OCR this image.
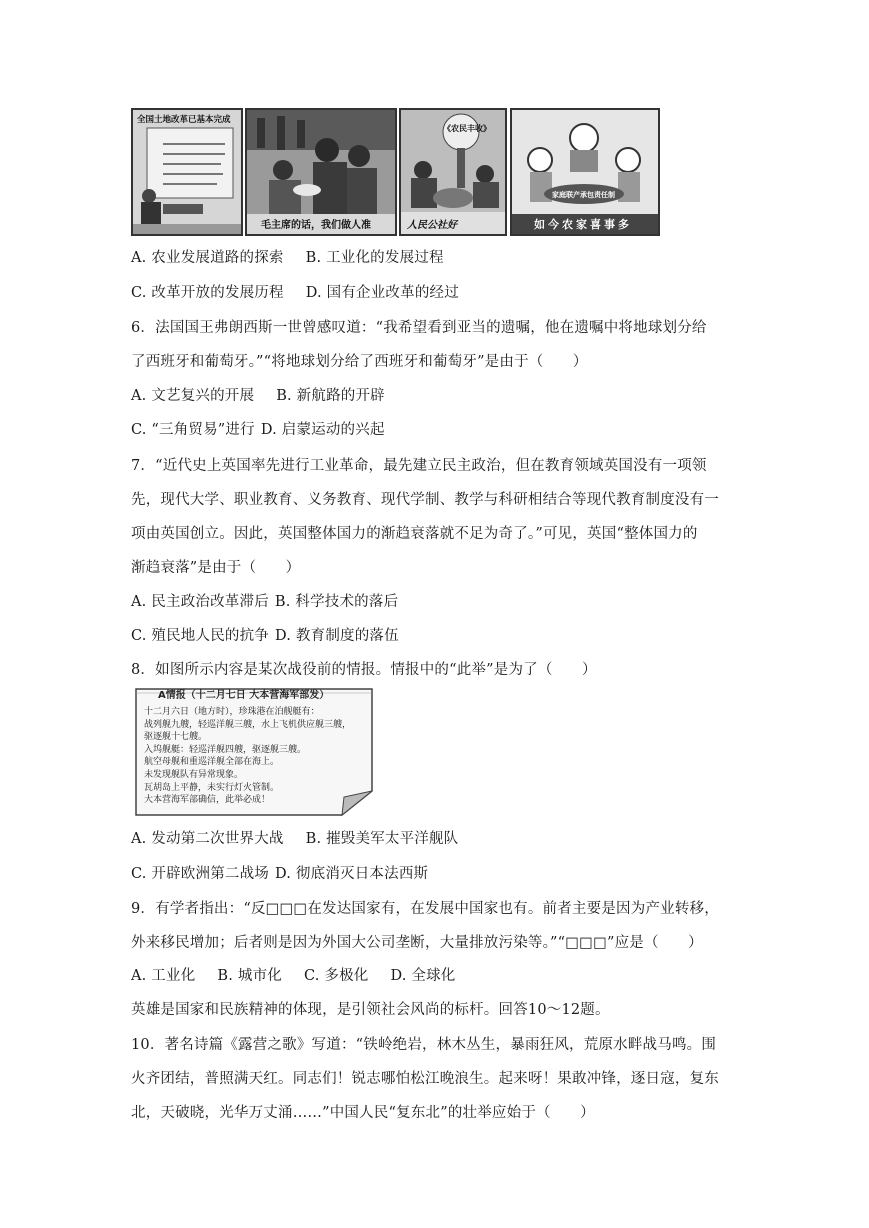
全国土地改革已基本完成
毛主席的话，我们做人准
《农民丰收》
人民公社好
家庭联产承包责任制
如今农家喜事多
A. 农业发展道路的探索 B. 工业化的发展过程
C. 改革开放的发展历程 D. 国有企业改革的经过
6．法国国王弗朗西斯一世曾感叹道：“我希望看到亚当的遗嘱，他在遗嘱中将地球划分给
了西班牙和葡萄牙。”“将地球划分给了西班牙和葡萄牙”是由于（　　）
A. 文艺复兴的开展 B. 新航路的开辟
C. “三角贸易”进行 D. 启蒙运动的兴起
7．“近代史上英国率先进行工业革命，最先建立民主政治，但在教育领域英国没有一项领
先，现代大学、职业教育、义务教育、现代学制、教学与科研相结合等现代教育制度没有一
项由英国创立。因此，英国整体国力的渐趋衰落就不足为奇了。”可见，英国“整体国力的
渐趋衰落”是由于（　　）
A. 民主政治改革滞后 B. 科学技术的落后
C. 殖民地人民的抗争 D. 教育制度的落伍
8．如图所示内容是某次战役前的情报。情报中的“此举”是为了（　　）
A情报（十二月七日 大本营海军部发）
十二月六日（地方时），珍珠港在泊舰艇有：
战列舰九艘，轻巡洋舰三艘，水上飞机供应舰三艘，
驱逐舰十七艘。
入坞舰艇：轻巡洋舰四艘，驱逐舰三艘。
航空母舰和重巡洋舰全部在海上。
未发现舰队有异常现象。
瓦胡岛上平静，未实行灯火管制。
大本营海军部确信，此举必成！
A. 发动第二次世界大战 B. 摧毁美军太平洋舰队
C. 开辟欧洲第二战场 D. 彻底消灭日本法西斯
9．有学者指出：“反□□□在发达国家有，在发展中国家也有。前者主要是因为产业转移，
外来移民增加；后者则是因为外国大公司垄断，大量排放污染等。”“□□□”应是（　　）
A. 工业化 B. 城市化 C. 多极化 D. 全球化
英雄是国家和民族精神的体现，是引领社会风尚的标杆。回答10～12题。
10．著名诗篇《露营之歌》写道：“铁岭绝岩，林木丛生，暴雨狂风，荒原水畔战马鸣。围
火齐团结，普照满天红。同志们！锐志哪怕松江晚浪生。起来呀！果敢冲锋，逐日寇，复东
北，天破晓，光华万丈涌……”中国人民“复东北”的壮举应始于（　　）
